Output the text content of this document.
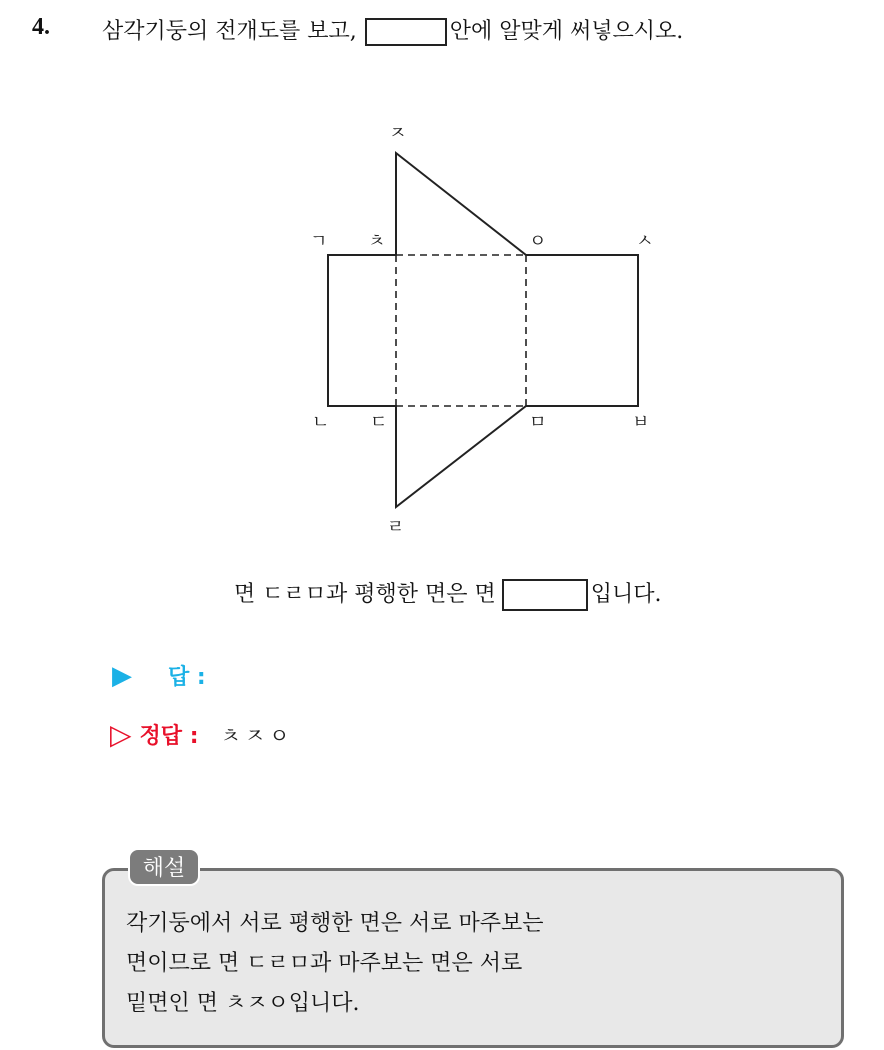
4. 삼각기둥의 전개도를 보고,	안에 알맞게 써넣으시오.
ㅈ
ㄱ ㅊ	ㅇ	ㅅ
ㄴ ㄷ	ㅁ	ㅂ
ㄹ
면 ㄷㄹㅁ과 평행한 면은 면	입니다.
▶ 답 :
▷ 정답 : ㅊㅈㅇ
해설
각기둥에서 서로 평행한 면은 서로 마주보는
면이므로 면 ㄷㄹㅁ과 마주보는 면은 서로
밑면인 면 ㅊㅈㅇ입니다.
